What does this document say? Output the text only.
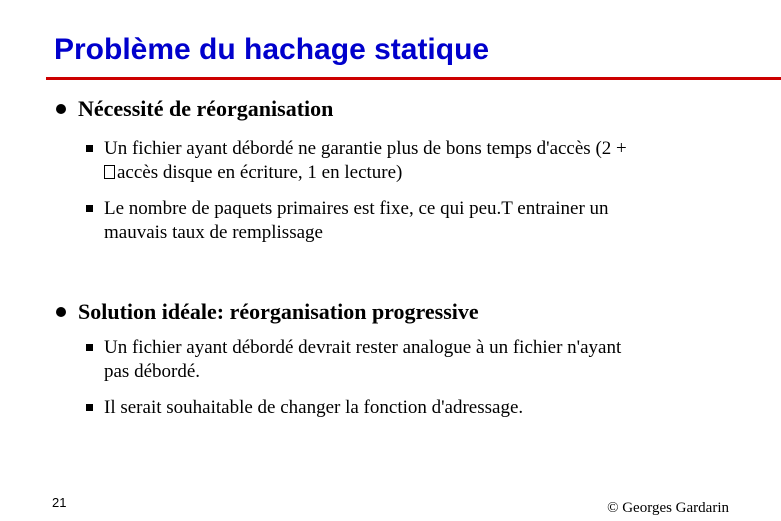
Problème du hachage statique
Nécessité de réorganisation
Un fichier ayant débordé ne garantie plus de bons temps d'accès (2 +
accès disque en écriture, 1 en lecture)
Le nombre de paquets primaires est fixe, ce qui peu.T entrainer un
mauvais taux de remplissage
Solution idéale: réorganisation progressive
Un fichier ayant débordé devrait rester analogue à un fichier n'ayant
pas débordé.
Il serait souhaitable de changer la fonction d'adressage.
21	© Georges Gardarin
